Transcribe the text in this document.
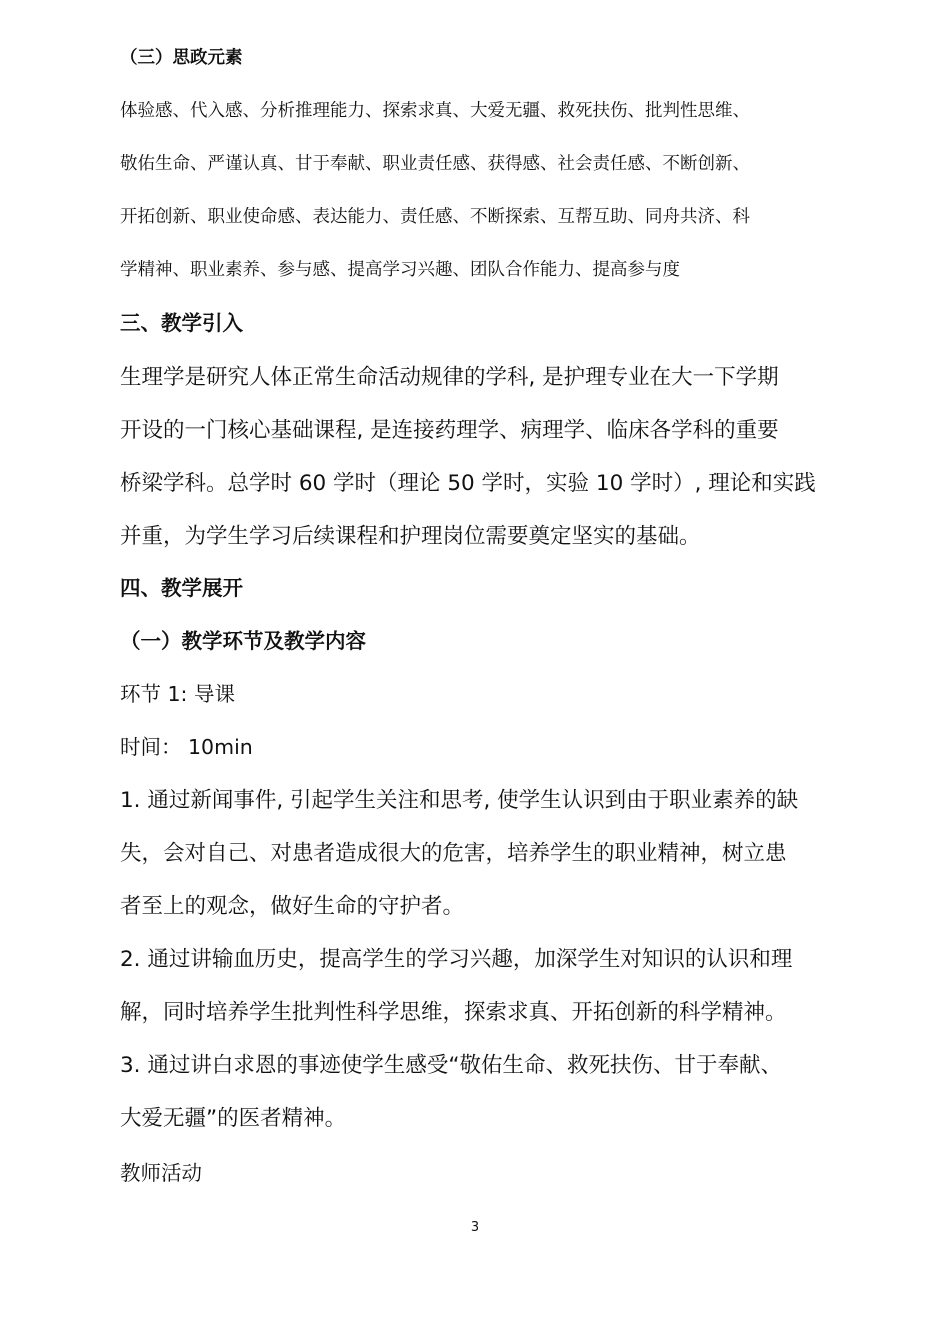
（三）思政元素
体验感、代入感、分析推理能力、探索求真、大爱无疆、救死扶伤、批判性思维、
敬佑生命、严谨认真、甘于奉献、职业责任感、获得感、社会责任感、不断创新、
开拓创新、职业使命感、表达能力、责任感、不断探索、互帮互助、同舟共济、科
学精神、职业素养、参与感、提高学习兴趣、团队合作能力、提高参与度
三、教学引入
生理学是研究人体正常生命活动规律的学科, 是护理专业在大一下学期
开设的一门核心基础课程, 是连接药理学、病理学、临床各学科的重要
桥梁学科。总学时 60 学时（理论 50 学时，实验 10 学时）, 理论和实践
并重，为学生学习后续课程和护理岗位需要奠定坚实的基础。
四、教学展开
（一）教学环节及教学内容
环节 1: 导课
时间： 10min
1. 通过新闻事件, 引起学生关注和思考, 使学生认识到由于职业素养的缺
失，会对自己、对患者造成很大的危害，培养学生的职业精神，树立患
者至上的观念，做好生命的守护者。
2. 通过讲输血历史，提高学生的学习兴趣，加深学生对知识的认识和理
解，同时培养学生批判性科学思维，探索求真、开拓创新的科学精神。
3. 通过讲白求恩的事迹使学生感受“敬佑生命、救死扶伤、甘于奉献、
大爱无疆”的医者精神。
教师活动
3
